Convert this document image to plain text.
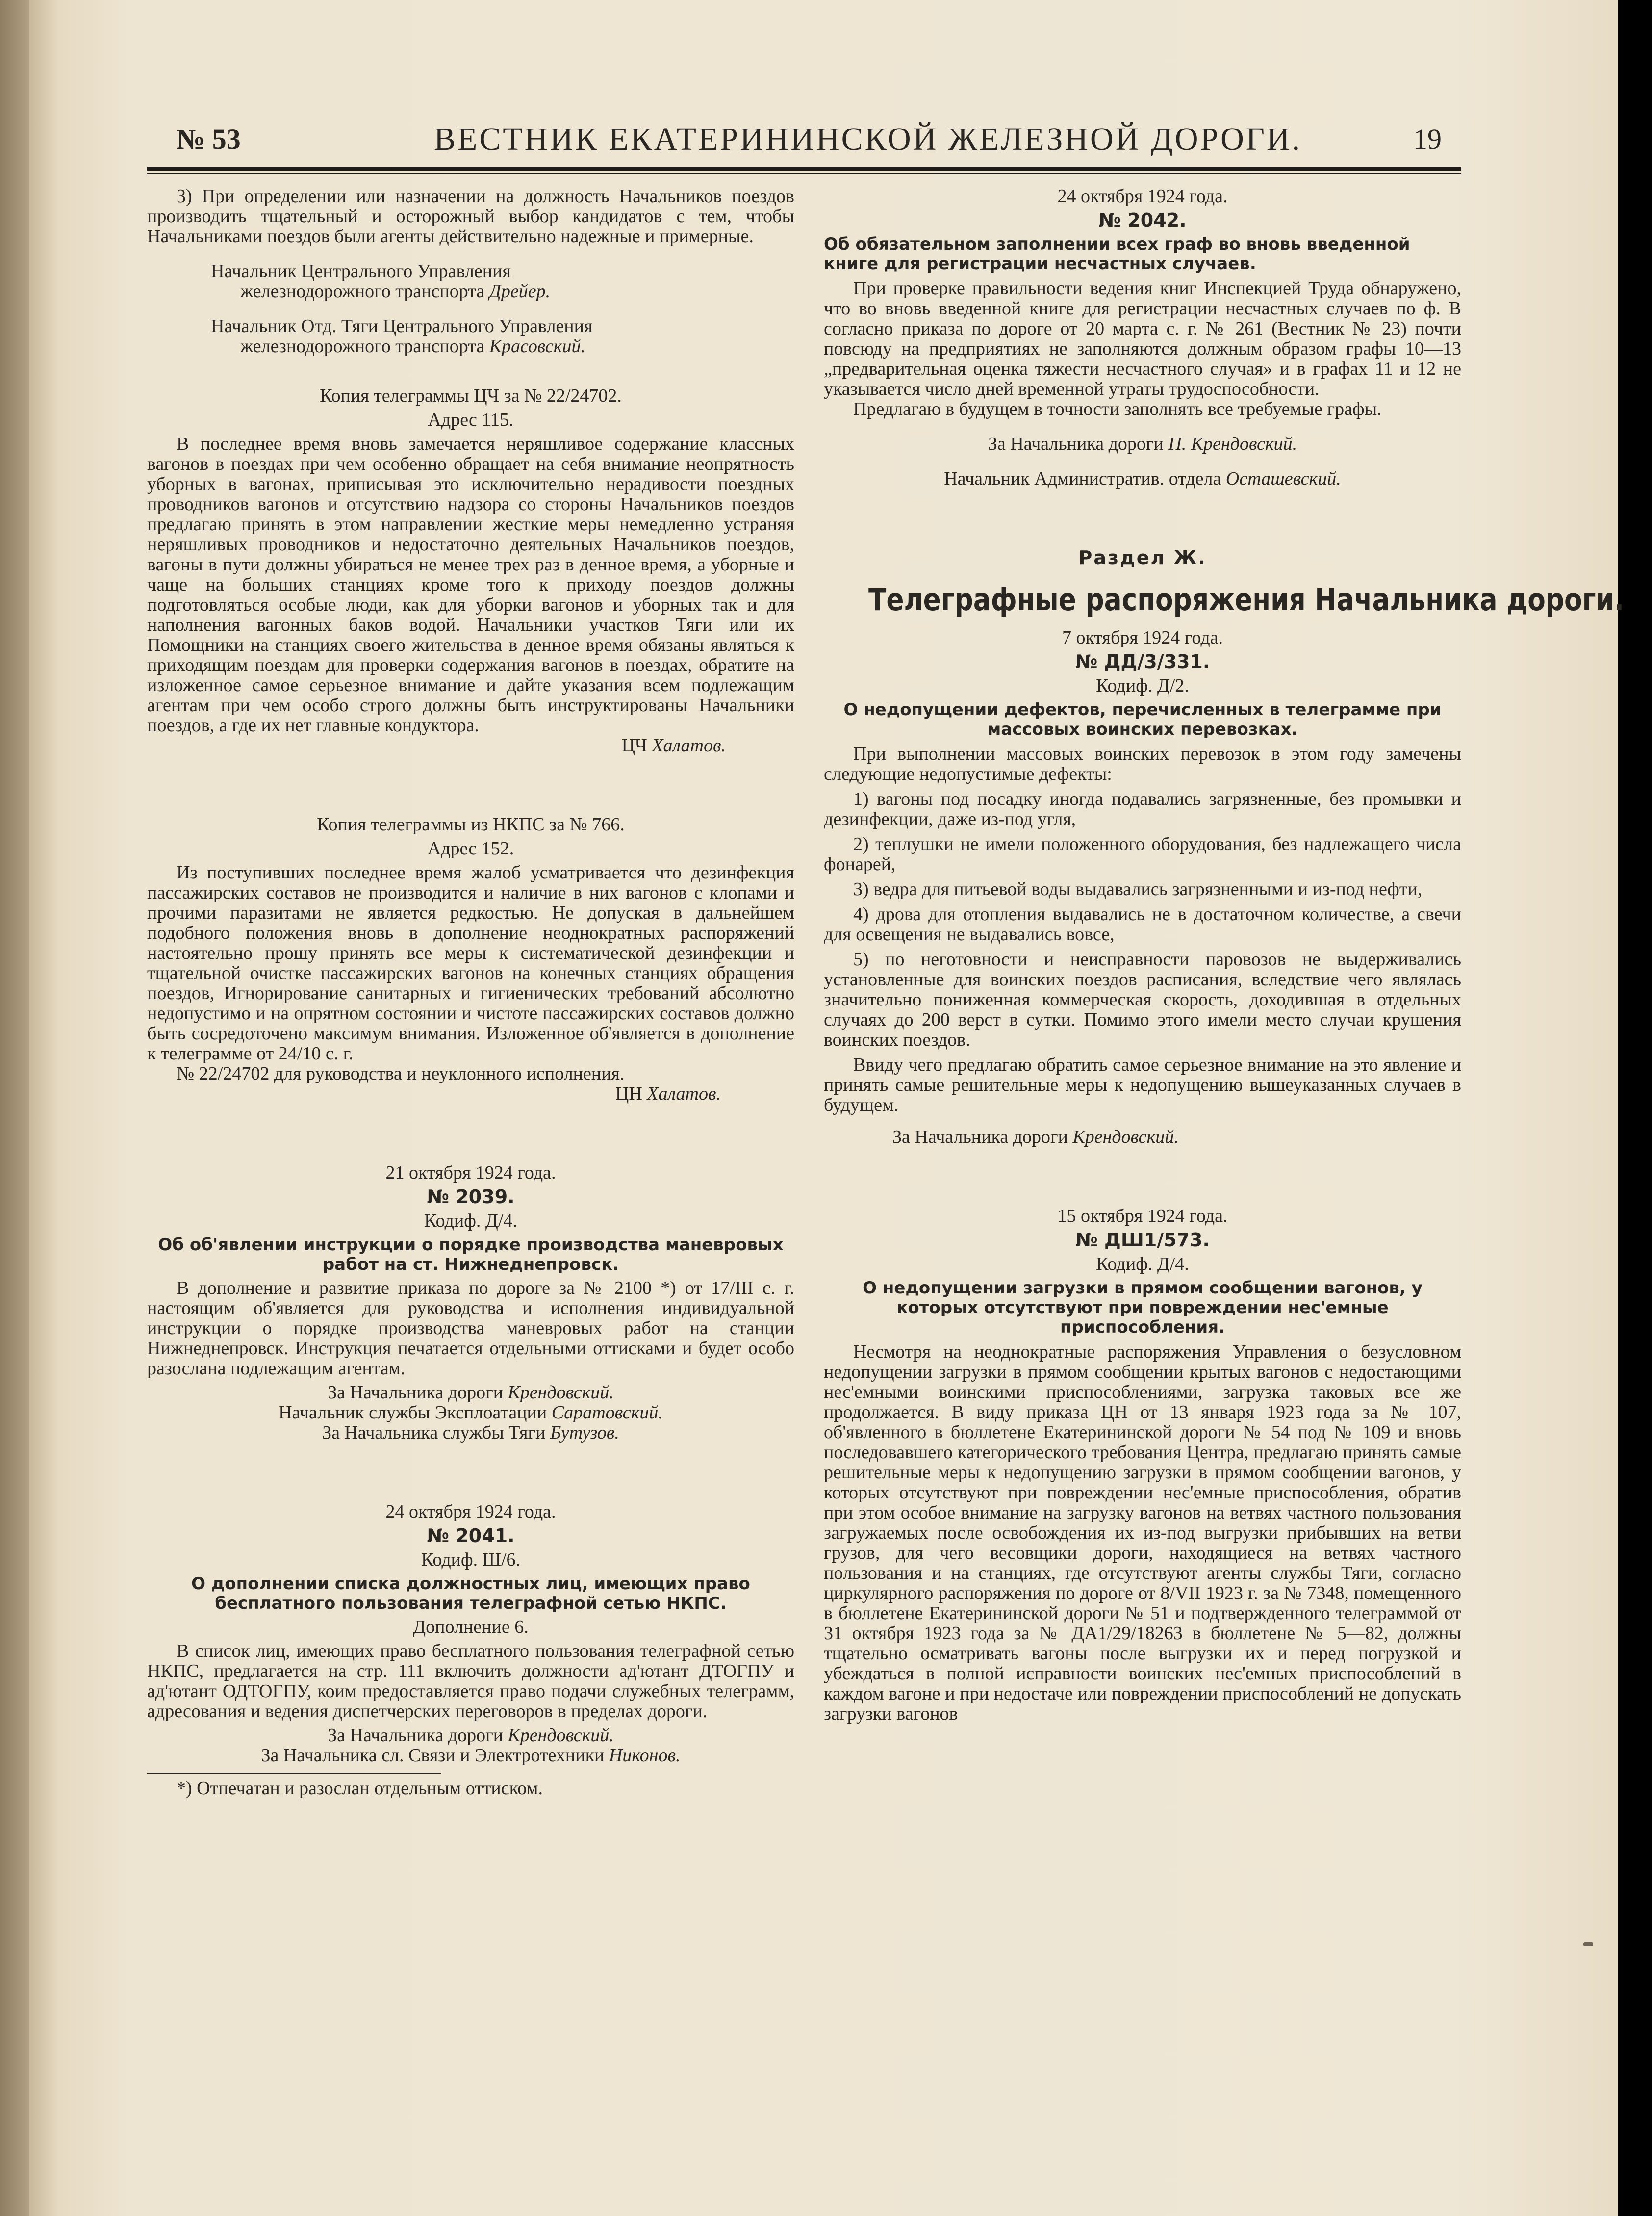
№ 53	ВЕСТНИК ЕКАТЕРИНИНСКОЙ ЖЕЛЕЗНОЙ ДОРОГИ.	19

3) При определении или назначении на должность Начальников поездов производить тщательный и осторожный выбор кандидатов с тем, чтобы Начальниками поездов были агенты действительно надежные и примерные.

Начальник Центрального Управления
железнодорожного транспорта Дрейер.
Начальник Отд. Тяги Центрального Управления
железнодорожного транспорта Красовский.

Копия телеграммы ЦЧ за № 22/24702.

Адрес 115.

В последнее время вновь замечается неряшливое содержание классных вагонов в поездах при чем особенно обращает на себя внимание неопрятность уборных в вагонах, приписывая это исключительно нерадивости поездных проводников вагонов и отсутствию надзора со стороны Начальников поездов предлагаю принять в этом направлении жесткие меры немедленно устраняя неряшливых проводников и недостаточно деятельных Начальников поездов, вагоны в пути должны убираться не менее трех раз в денное время, а уборные и чаще на больших станциях кроме того к приходу поездов должны подготовляться особые люди, как для уборки вагонов и уборных так и для наполнения вагонных баков водой. Начальники участков Тяги или их Помощники на станциях своего жительства в денное время обязаны являться к приходящим поездам для проверки содержания вагонов в поездах, обратите на изложенное самое серьезное внимание и дайте указания всем подлежащим агентам при чем особо строго должны быть инструктированы Начальники поездов, а где их нет главные кондуктора.

ЦЧ Халатов.

Копия телеграммы из НКПС за № 766.

Адрес 152.

Из поступивших последнее время жалоб усматривается что дезинфекция пассажирских составов не производится и наличие в них вагонов с клопами и прочими паразитами не является редкостью. Не допуская в дальнейшем подобного положения вновь в дополнение неоднократных распоряжений настоятельно прошу принять все меры к систематической дезинфекции и тщательной очистке пассажирских вагонов на конечных станциях обращения поездов, Игнорирование санитарных и гигиенических требований абсолютно недопустимо и на опрятном состоянии и чистоте пассажирских составов должно быть сосредоточено максимум внимания. Изложенное об'является в дополнение к телеграмме от 24/10 с. г.

№ 22/24702 для руководства и неуклонного исполнения.

ЦН Халатов.

21 октября 1924 года.

№ 2039.

Кодиф. Д/4.

Об об'явлении инструкции о порядке производства маневровых работ на ст. Нижнеднепровск.

В дополнение и развитие приказа по дороге за № 2100 *) от 17/III с. г. настоящим об'является для руководства и исполнения индивидуальной инструкции о порядке производства маневровых работ на станции Нижнеднепровск. Инструкция печатается отдельными оттисками и будет особо разослана подлежащим агентам.

За Начальника дороги Крендовский.
Начальник службы Эксплоатации Саратовский.
За Начальника службы Тяги Бутузов.

24 октября 1924 года.

№ 2041.

Кодиф. Ш/6.

О дополнении списка должностных лиц, имеющих право бесплатного пользования телеграфной сетью НКПС.

Дополнение 6.

В список лиц, имеющих право бесплатного пользования телеграфной сетью НКПС, предлагается на стр. 111 включить должности ад'ютант ДТОГПУ и ад'ютант ОДТОГПУ, коим предоставляется право подачи служебных телеграмм, адресования и ведения диспетчерских переговоров в пределах дороги.

За Начальника дороги Крендовский.
За Начальника сл. Связи и Электротехники Никонов.

*) Отпечатан и разослан отдельным оттиском.

24 октября 1924 года.

№ 2042.

Об обязательном заполнении всех граф во вновь введенной книге для регистрации несчастных случаев.

При проверке правильности ведения книг Инспекцией Труда обнаружено, что во вновь введенной книге для регистрации несчастных случаев по ф. В согласно приказа по дороге от 20 марта с. г. № 261 (Вестник № 23) почти повсюду на предприятиях не заполняются должным образом графы 10—13 „предварительная оценка тяжести несчастного случая» и в графах 11 и 12 не указывается число дней временной утраты трудоспособности.

Предлагаю в будущем в точности заполнять все требуемые графы.

За Начальника дороги П. Крендовский.
Начальник Административ. отдела Осташевский.

Раздел Ж.

Телеграфные распоряжения Начальника дороги.

7 октября 1924 года.

№ ДД/3/331.

Кодиф. Д/2.

О недопущении дефектов, перечисленных в телеграмме при массовых воинских перевозках.

При выполнении массовых воинских перевозок в этом году замечены следующие недопустимые дефекты:

1) вагоны под посадку иногда подавались загрязненные, без промывки и дезинфекции, даже из-под угля,

2) теплушки не имели положенного оборудования, без надлежащего числа фонарей,

3) ведра для питьевой воды выдавались загрязненными и из-под нефти,

4) дрова для отопления выдавались не в достаточном количестве, а свечи для освещения не выдавались вовсе,

5) по неготовности и неисправности паровозов не выдерживались установленные для воинских поездов расписания, вследствие чего являлась значительно пониженная коммерческая скорость, доходившая в отдельных случаях до 200 верст в сутки. Помимо этого имели место случаи крушения воинских поездов.

Ввиду чего предлагаю обратить самое серьезное внимание на это явление и принять самые решительные меры к недопущению вышеуказанных случаев в будущем.

За Начальника дороги Крендовский.

15 октября 1924 года.

№ ДШ1/573.

Кодиф. Д/4.

О недопущении загрузки в прямом сообщении вагонов, у которых отсутствуют при повреждении нес'емные приспособления.

Несмотря на неоднократные распоряжения Управления о безусловном недопущении загрузки в прямом сообщении крытых вагонов с недостающими нес'емными воинскими приспособлениями, загрузка таковых все же продолжается. В виду приказа ЦН от 13 января 1923 года за № 107, об'явленного в бюллетене Екатерининской дороги № 54 под № 109 и вновь последовавшего категорического требования Центра, предлагаю принять самые решительные меры к недопущению загрузки в прямом сообщении вагонов, у которых отсутствуют при повреждении нес'емные приспособления, обратив при этом особое внимание на загрузку вагонов на ветвях частного пользования загружаемых после освобождения их из-под выгрузки прибывших на ветви грузов, для чего весовщики дороги, находящиеся на ветвях частного пользования и на станциях, где отсутствуют агенты службы Тяги, согласно циркулярного распоряжения по дороге от 8/VII 1923 г. за № 7348, помещенного в бюллетене Екатерининской дороги № 51 и подтвержденного телеграммой от 31 октября 1923 года за № ДА1/29/18263 в бюллетене № 5—82, должны тщательно осматривать вагоны после выгрузки их и перед погрузкой и убеждаться в полной исправности воинских нес'емных приспособлений в каждом вагоне и при недостаче или повреждении приспособлений не допускать загрузки вагонов
